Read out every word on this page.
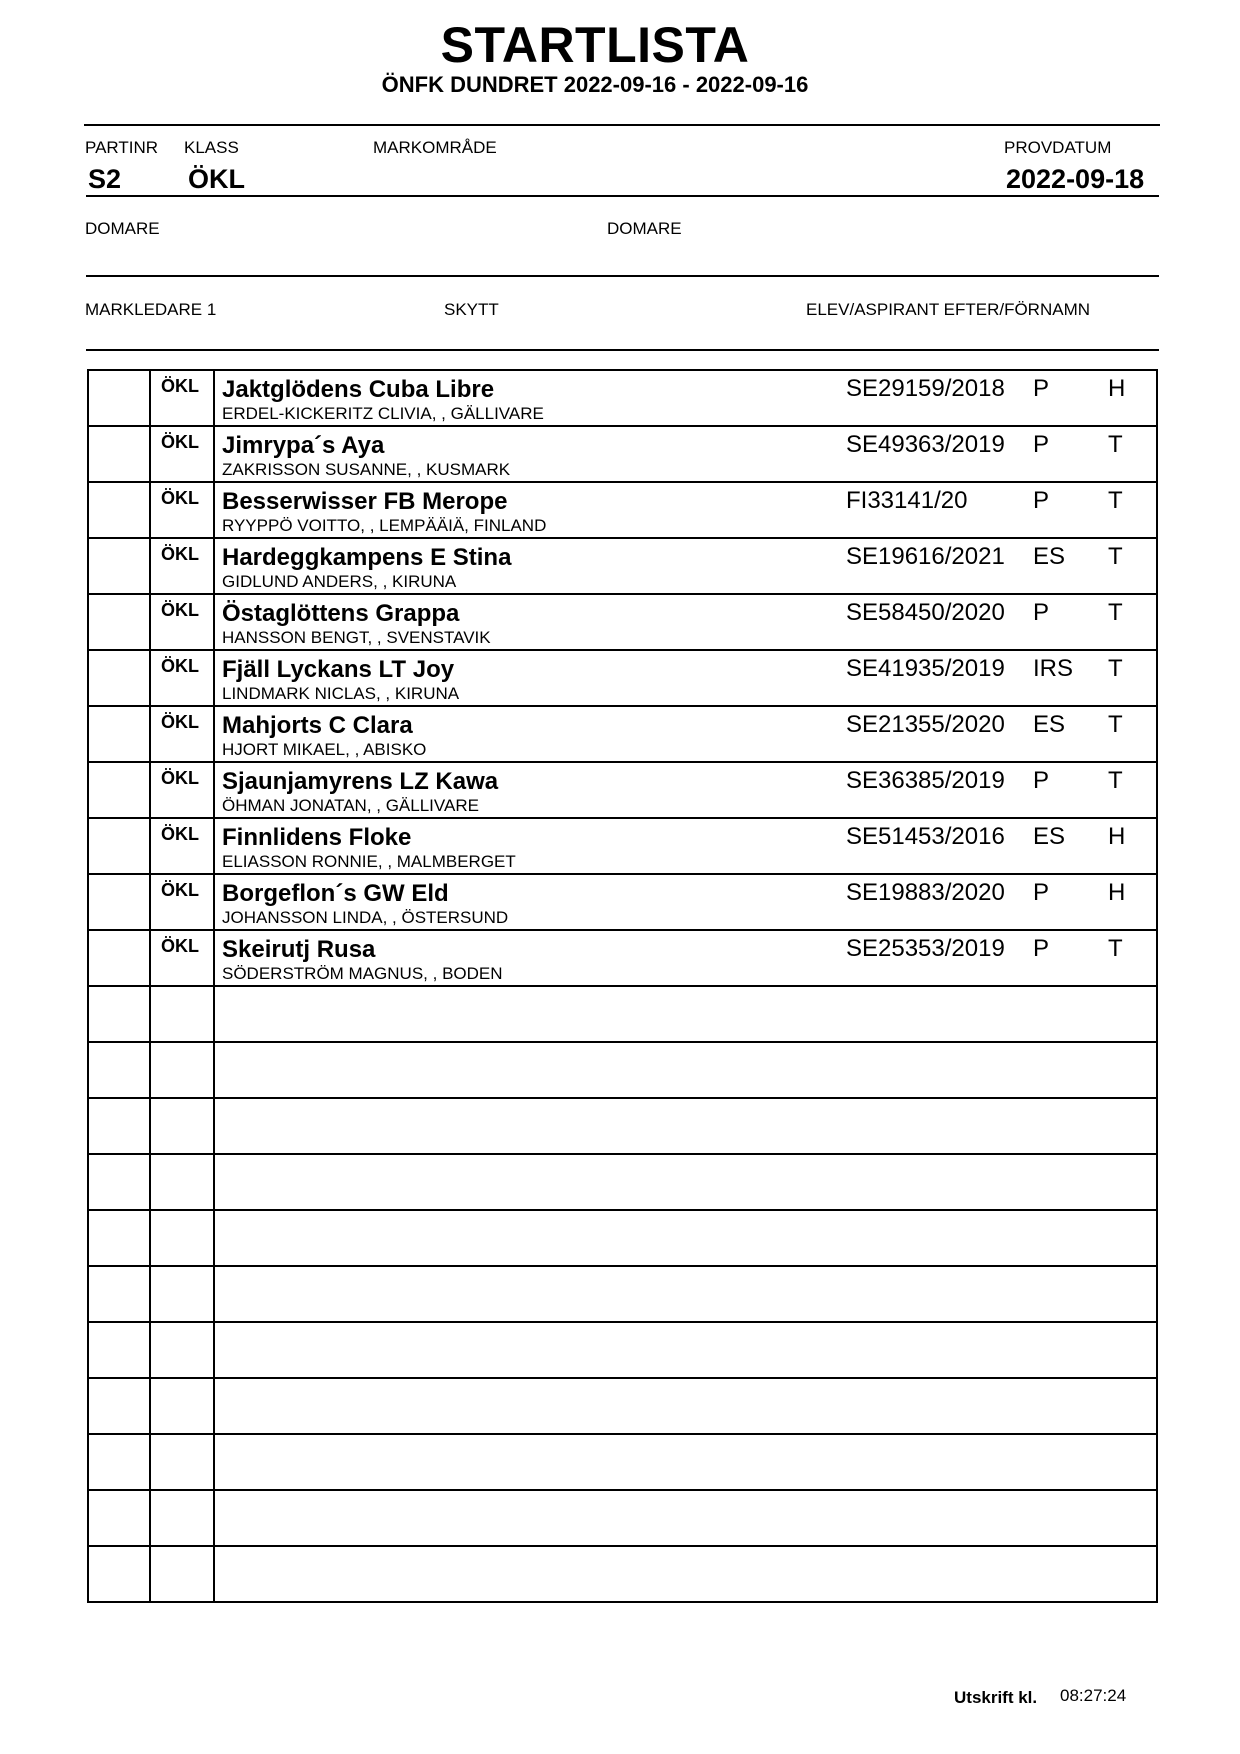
STARTLISTA
ÖNFK DUNDRET 2022-09-16 - 2022-09-16
PARTINR KLASS	MARKOMRÅDE	PROVDATUM
S2 ÖKL	2022-09-18
DOMARE	DOMARE
MARKLEDARE 1	SKYTT	ELEV/ASPIRANT EFTER/FÖRNAMN
ÖKL Jaktglödens Cuba Libre
ERDEL-KICKERITZ CLIVIA, , GÄLLIVARE
SE29159/2018 P H
ÖKL Jimrypa´s Aya
ZAKRISSON SUSANNE, , KUSMARK
SE49363/2019 P T
ÖKL Besserwisser FB Merope
RYYPPÖ VOITTO, , LEMPÄÄIÄ, FINLAND
FI33141/20	P T
ÖKL Hardeggkampens E Stina
GIDLUND ANDERS, , KIRUNA
SE19616/2021 ES T
ÖKL Östaglöttens Grappa
HANSSON BENGT, , SVENSTAVIK
SE58450/2020 P T
ÖKL Fjäll Lyckans LT Joy
LINDMARK NICLAS, , KIRUNA
SE41935/2019 IRS T
ÖKL Mahjorts C Clara
HJORT MIKAEL, , ABISKO
SE21355/2020 ES T
ÖKL Sjaunjamyrens LZ Kawa
ÖHMAN JONATAN, , GÄLLIVARE
SE36385/2019 P T
ÖKL Finnlidens Floke
ELIASSON RONNIE, , MALMBERGET
SE51453/2016 ES H
ÖKL Borgeflon´s GW Eld
JOHANSSON LINDA, , ÖSTERSUND
SE19883/2020 P H
ÖKL Skeirutj Rusa
SÖDERSTRÖM MAGNUS, , BODEN
SE25353/2019 P T
Utskrift kl. 08:27:24
